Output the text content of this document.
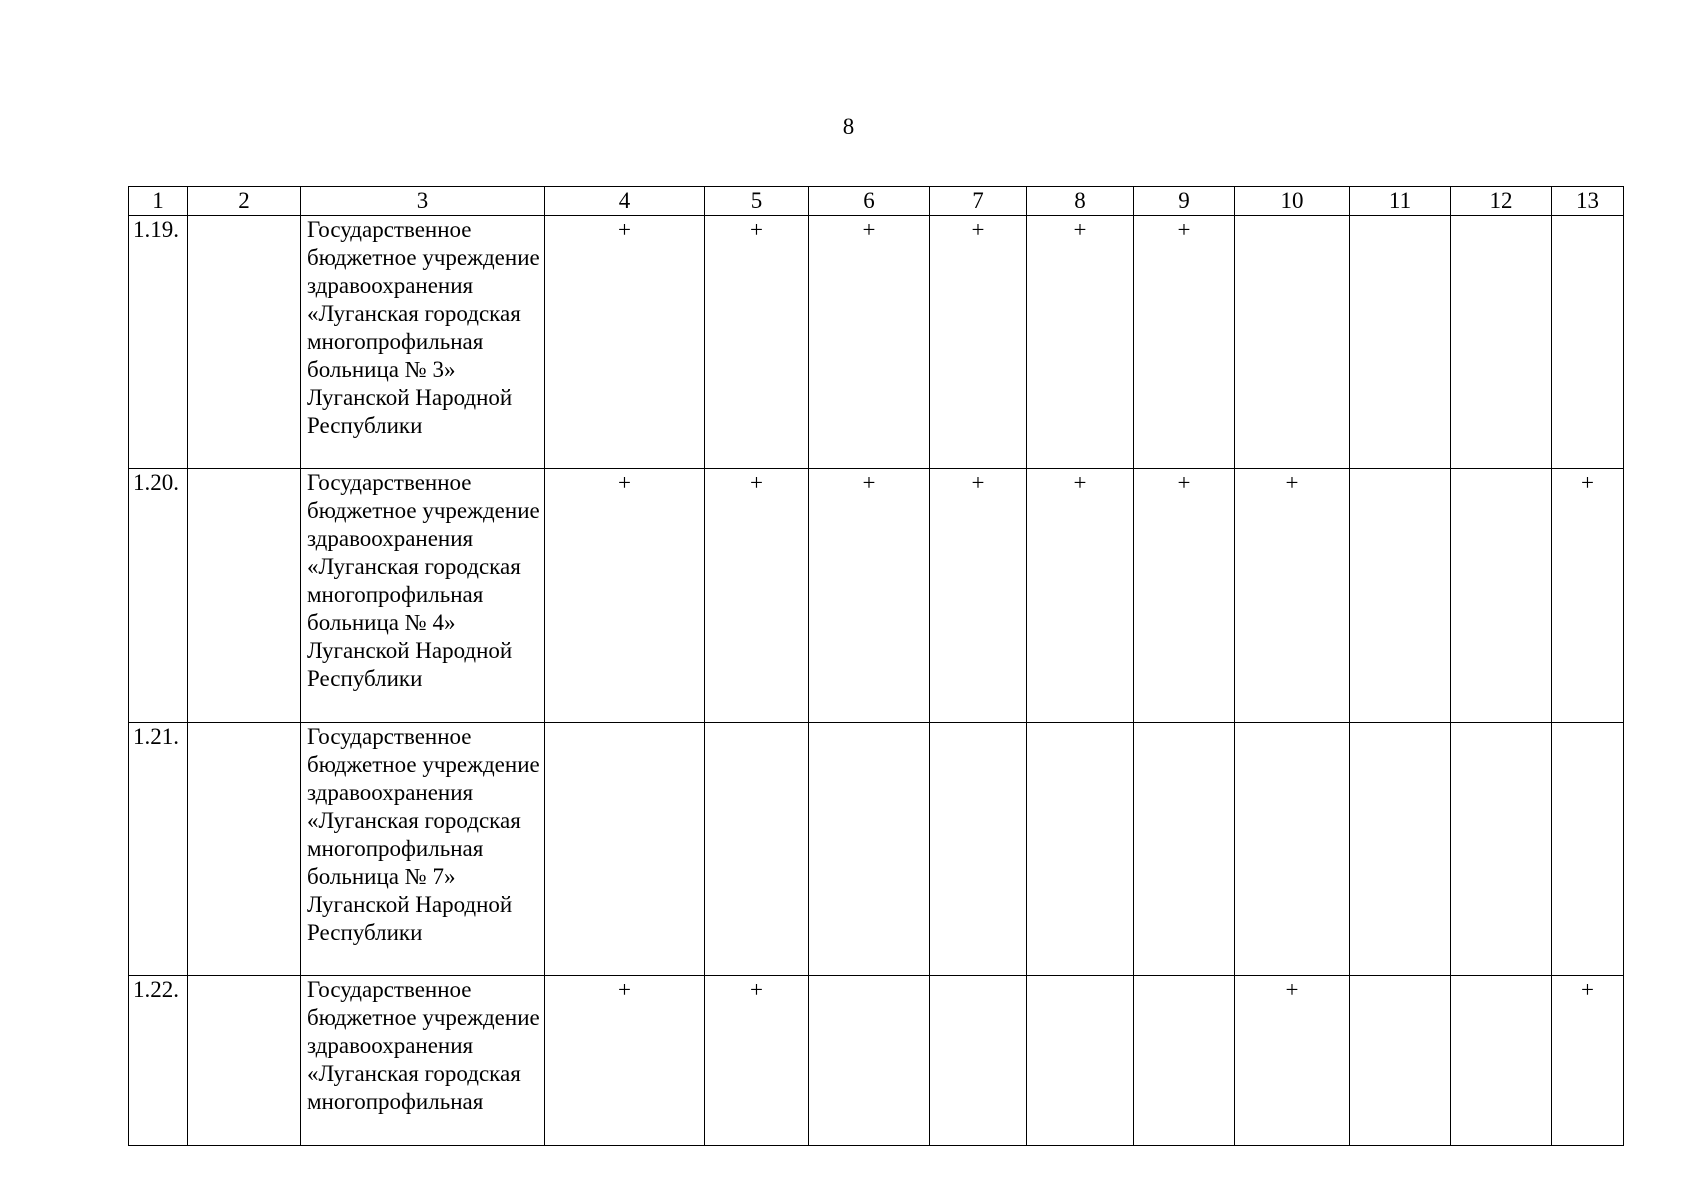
8
1	2	3	4	5	6	7	8	9	10	11	12	13
1.19.		Государственное бюджетное учреждение здравоохранения «Луганская городская многопрофильная больница № 3» Луганской Народной Республики	+	+	+	+	+	+				
1.20.		Государственное бюджетное учреждение здравоохранения «Луганская городская многопрофильная больница № 4» Луганской Народной Республики	+	+	+	+	+	+	+			+
1.21.		Государственное бюджетное учреждение здравоохранения «Луганская городская многопрофильная больница № 7» Луганской Народной Республики										
1.22.		Государственное бюджетное учреждение здравоохранения «Луганская городская многопрофильная	+	+					+			+
